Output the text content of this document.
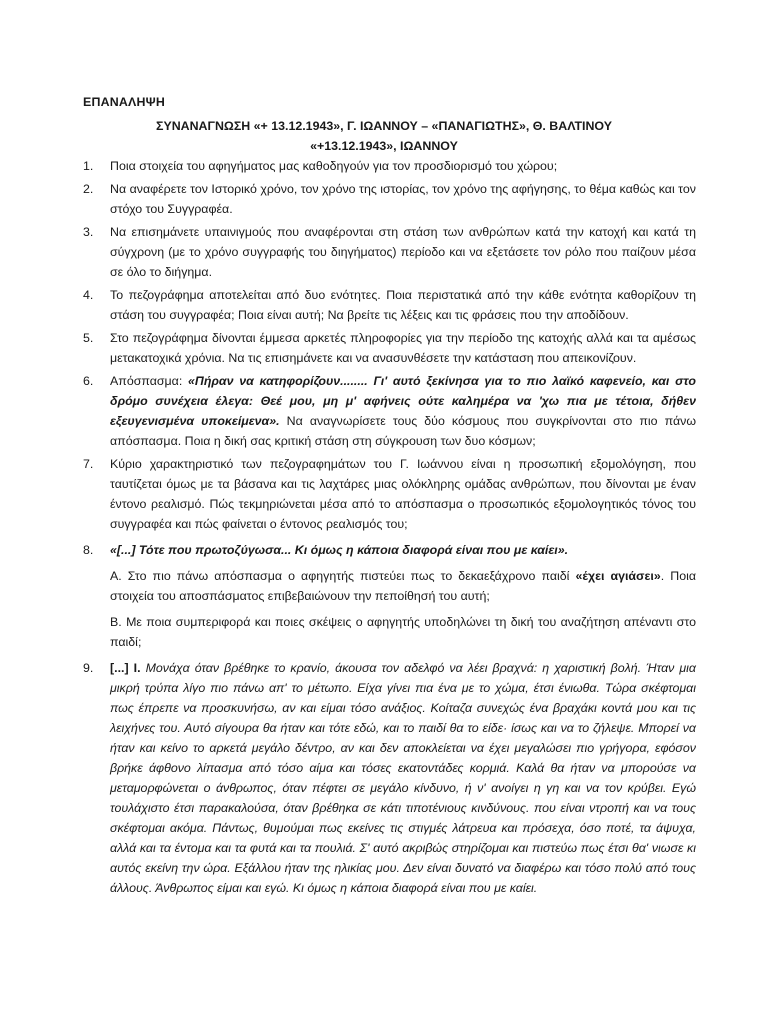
ΕΠΑΝΑΛΗΨΗ
ΣΥΝΑΝΑΓΝΩΣΗ «+ 13.12.1943», Γ. ΙΩΑΝΝΟΥ – «ΠΑΝΑΓΙΩΤΗΣ», Θ. ΒΑΛΤΙΝΟΥ
«+13.12.1943», ΙΩΑΝΝΟΥ
1.	Ποια στοιχεία του αφηγήματος μας καθοδηγούν για τον προσδιορισμό του χώρου;
2.	Να αναφέρετε τον Ιστορικό χρόνο, τον χρόνο της ιστορίας, τον χρόνο της αφήγησης, το θέμα καθώς και τον στόχο του Συγγραφέα.
3.	Να επισημάνετε υπαινιγμούς που αναφέρονται στη στάση των ανθρώπων κατά την κατοχή και κατά τη σύγχρονη (με το χρόνο συγγραφής του διηγήματος) περίοδο και να εξετάσετε τον ρόλο που παίζουν μέσα σε όλο το διήγημα.
4.	Το πεζογράφημα αποτελείται από δυο ενότητες. Ποια περιστατικά από την κάθε ενότητα καθορίζουν τη στάση του συγγραφέα; Ποια είναι αυτή; Να βρείτε τις λέξεις και τις φράσεις που την αποδίδουν.
5.	Στο πεζογράφημα δίνονται έμμεσα αρκετές πληροφορίες για την περίοδο της κατοχής αλλά και τα αμέσως μετακατοχικά χρόνια. Να τις επισημάνετε και να ανασυνθέσετε την κατάσταση που απεικονίζουν.
6.	Απόσπασμα: «Πήραν να κατηφορίζουν........ Γι' αυτό ξεκίνησα για το πιο λαϊκό καφενείο, και στο δρόμο συνέχεια έλεγα: Θεέ μου, μη μ' αφήνεις ούτε καλημέρα να 'χω πια με τέτοια, δήθεν εξευγενισμένα υποκείμενα». Να αναγνωρίσετε τους δύο κόσμους που συγκρίνονται στο πιο πάνω απόσπασμα. Ποια η δική σας κριτική στάση στη σύγκρουση των δυο κόσμων;
7.	Κύριο χαρακτηριστικό των πεζογραφημάτων του Γ. Ιωάννου είναι η προσωπική εξομολόγηση, που ταυτίζεται όμως με τα βάσανα και τις λαχτάρες μιας ολόκληρης ομάδας ανθρώπων, που δίνονται με έναν έντονο ρεαλισμό. Πώς τεκμηριώνεται μέσα από το απόσπασμα ο προσωπικός εξομολογητικός τόνος του συγγραφέα και πώς φαίνεται ο έντονος ρεαλισμός του;
8.	«[...] Τότε που πρωτοζύγωσα... Κι όμως η κάποια διαφορά είναι που με καίει».
Α. Στο πιο πάνω απόσπασμα ο αφηγητής πιστεύει πως το δεκαεξάχρονο παιδί «έχει αγιάσει». Ποια στοιχεία του αποσπάσματος επιβεβαιώνουν την πεποίθησή του αυτή;
Β. Με ποια συμπεριφορά και ποιες σκέψεις ο αφηγητής υποδηλώνει τη δική του αναζήτηση απέναντι στο παιδί;
9.	[...] Ι. Μονάχα όταν βρέθηκε το κρανίο, άκουσα τον αδελφό να λέει βραχνά: η χαριστική βολή. Ήταν μια μικρή τρύπα λίγο πιο πάνω απ' το μέτωπο. Είχα γίνει πια ένα με το χώμα, έτσι ένιωθα. Τώρα σκέφτομαι πως έπρεπε να προσκυνήσω, αν και είμαι τόσο ανάξιος. Κοίταζα συνεχώς ένα βραχάκι κοντά μου και τις λειχήνες του. Αυτό σίγουρα θα ήταν και τότε εδώ, και το παιδί θα το είδε· ίσως και να το ζήλεψε. Μπορεί να ήταν και κείνο το αρκετά μεγάλο δέντρο, αν και δεν αποκλείεται να έχει μεγαλώσει πιο γρήγορα, εφόσον βρήκε άφθονο λίπασμα από τόσο αίμα και τόσες εκατοντάδες κορμιά. Καλά θα ήταν να μπορούσε να μεταμορφώνεται ο άνθρωπος, όταν πέφτει σε μεγάλο κίνδυνο, ή ν' ανοίγει η γη και να τον κρύβει. Εγώ τουλάχιστο έτσι παρακαλούσα, όταν βρέθηκα σε κάτι τιποτένιους κινδύνους. που είναι ντροπή και να τους σκέφτομαι ακόμα. Πάντως, θυμούμαι πως εκείνες τις στιγμές λάτρευα και πρόσεχα, όσο ποτέ, τα άψυχα, αλλά και τα έντομα και τα φυτά και τα πουλιά. Σ' αυτό ακριβώς στηρίζομαι και πιστεύω πως έτσι θα' νιωσε κι αυτός εκείνη την ώρα. Εξάλλου ήταν της ηλικίας μου. Δεν είναι δυνατό να διαφέρω και τόσο πολύ από τους άλλους. Άνθρωπος είμαι και εγώ. Κι όμως η κάποια διαφορά είναι που με καίει.
